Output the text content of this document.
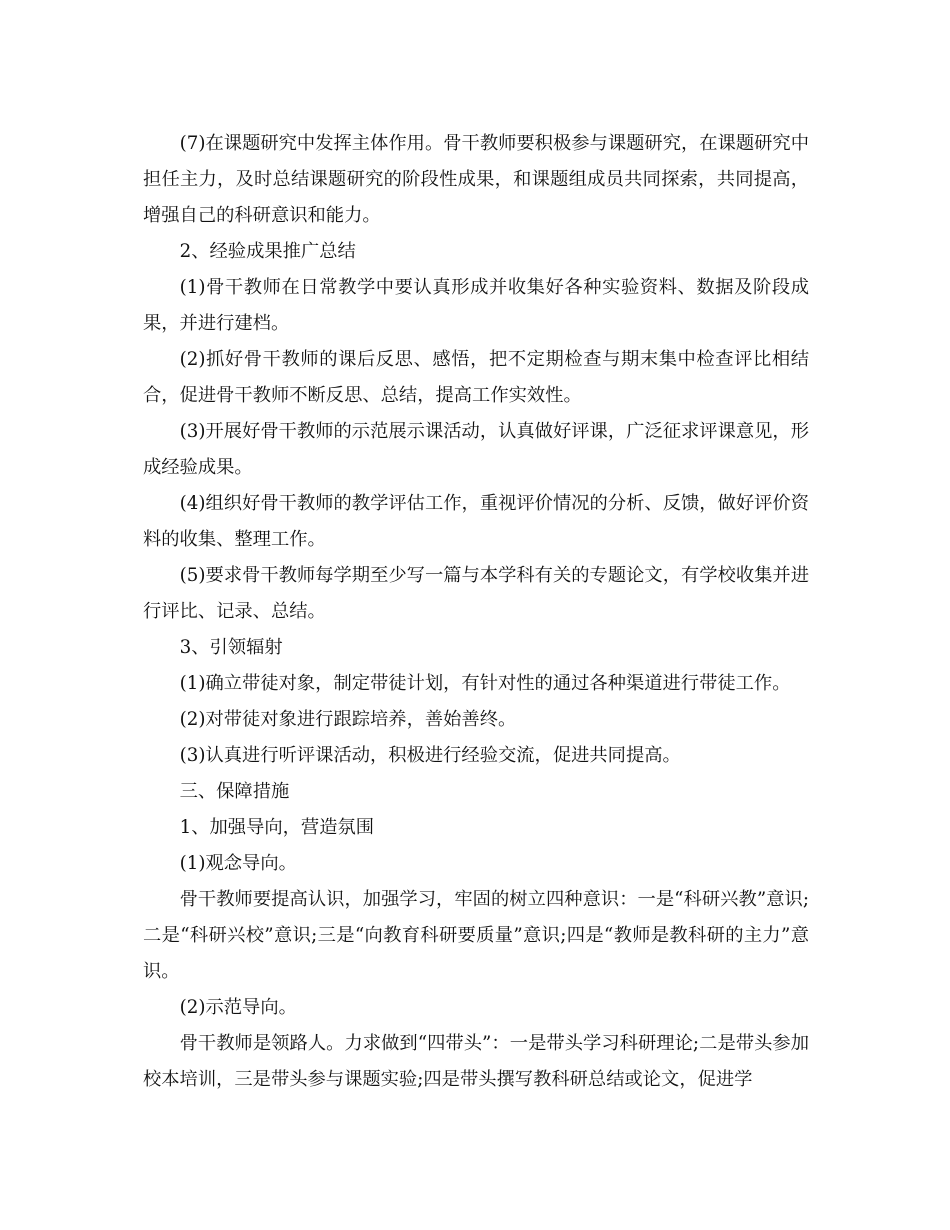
(7)在课题研究中发挥主体作用。骨干教师要积极参与课题研究，在课题研究中担任主力，及时总结课题研究的阶段性成果，和课题组成员共同探索，共同提高，增强自己的科研意识和能力。

2、经验成果推广总结

(1)骨干教师在日常教学中要认真形成并收集好各种实验资料、数据及阶段成果，并进行建档。

(2)抓好骨干教师的课后反思、感悟，把不定期检查与期末集中检查评比相结合，促进骨干教师不断反思、总结，提高工作实效性。

(3)开展好骨干教师的示范展示课活动，认真做好评课，广泛征求评课意见，形成经验成果。

(4)组织好骨干教师的教学评估工作，重视评价情况的分析、反馈，做好评价资料的收集、整理工作。

(5)要求骨干教师每学期至少写一篇与本学科有关的专题论文，有学校收集并进行评比、记录、总结。

3、引领辐射

(1)确立带徒对象，制定带徒计划，有针对性的通过各种渠道进行带徒工作。

(2)对带徒对象进行跟踪培养，善始善终。

(3)认真进行听评课活动，积极进行经验交流，促进共同提高。

三、保障措施

1、加强导向，营造氛围

(1)观念导向。

骨干教师要提高认识，加强学习，牢固的树立四种意识：一是“科研兴教”意识;二是“科研兴校”意识;三是“向教育科研要质量”意识;四是“教师是教科研的主力”意识。

(2)示范导向。

骨干教师是领路人。力求做到“四带头”：一是带头学习科研理论;二是带头参加校本培训，三是带头参与课题实验;四是带头撰写教科研总结或论文，促进学
